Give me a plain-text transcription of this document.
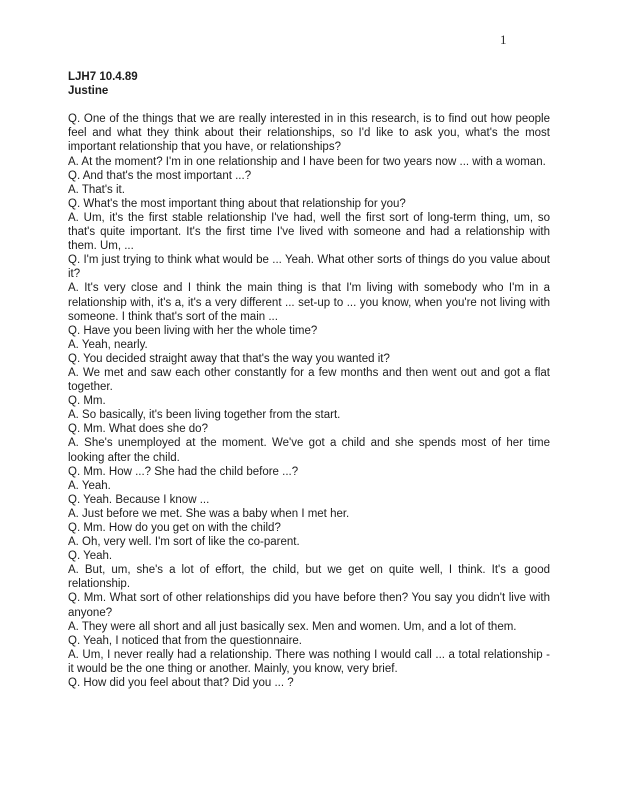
1
LJH7 10.4.89
Justine

Q. One of the things that we are really interested in in this research, is to find out how people feel and what they think about their relationships, so I'd like to ask you, what's the most important relationship that you have, or relationships?

A. At the moment? I'm in one relationship and I have been for two years now ... with a woman.

Q. And that's the most important ...?

A. That's it.

Q. What's the most important thing about that relationship for you?

A. Um, it's the first stable relationship I've had, well the first sort of long-term thing, um, so that's quite important. It's the first time I've lived with someone and had a relationship with them. Um, ...

Q. I'm just trying to think what would be ... Yeah. What other sorts of things do you value about it?

A. It's very close and I think the main thing is that I'm living with somebody who I'm in a relationship with, it's a, it's a very different ... set-up to ... you know, when you're not living with someone. I think that's sort of the main ...

Q. Have you been living with her the whole time?

A. Yeah, nearly.

Q. You decided straight away that that's the way you wanted it?

A. We met and saw each other constantly for a few months and then went out and got a flat together.

Q. Mm.

A. So basically, it's been living together from the start.

Q. Mm. What does she do?

A. She's unemployed at the moment. We've got a child and she spends most of her time looking after the child.

Q. Mm. How ...? She had the child before ...?

A. Yeah.

Q. Yeah. Because I know ...

A. Just before we met. She was a baby when I met her.

Q. Mm. How do you get on with the child?

A. Oh, very well. I'm sort of like the co-parent.

Q. Yeah.

A. But, um, she's a lot of effort, the child, but we get on quite well, I think. It's a good relationship.

Q. Mm. What sort of other relationships did you have before then? You say you didn't live with anyone?

A. They were all short and all just basically sex. Men and women. Um, and a lot of them.

Q. Yeah, I noticed that from the questionnaire.

A. Um, I never really had a relationship. There was nothing I would call ... a total relationship - it would be the one thing or another. Mainly, you know, very brief.

Q. How did you feel about that? Did you ... ?
